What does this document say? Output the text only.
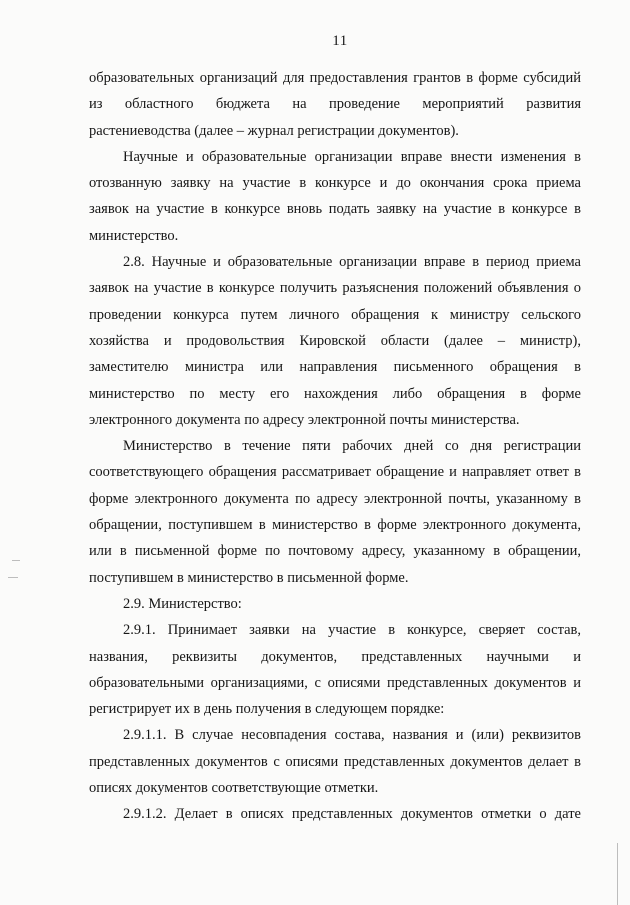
11

образовательных организаций для предоставления грантов в форме субсидий
из областного бюджета на проведение мероприятий развития
растениеводства (далее – журнал регистрации документов).

Научные и образовательные организации вправе внести изменения в
отозванную заявку на участие в конкурсе и до окончания срока приема
заявок на участие в конкурсе вновь подать заявку на участие в конкурсе в
министерство.

2.8. Научные и образовательные организации вправе в период приема
заявок на участие в конкурсе получить разъяснения положений объявления о
проведении конкурса путем личного обращения к министру сельского
хозяйства и продовольствия Кировской области (далее – министр),
заместителю министра или направления письменного обращения в
министерство по месту его нахождения либо обращения в форме
электронного документа по адресу электронной почты министерства.

Министерство в течение пяти рабочих дней со дня регистрации
соответствующего обращения рассматривает обращение и направляет ответ в
форме электронного документа по адресу электронной почты, указанному в
обращении, поступившем в министерство в форме электронного документа,
или в письменной форме по почтовому адресу, указанному в обращении,
поступившем в министерство в письменной форме.

2.9. Министерство:

2.9.1. Принимает заявки на участие в конкурсе, сверяет состав,
названия, реквизиты документов, представленных научными и
образовательными организациями, с описями представленных документов и
регистрирует их в день получения в следующем порядке:

2.9.1.1. В случае несовпадения состава, названия и (или) реквизитов
представленных документов с описями представленных документов делает в
описях документов соответствующие отметки.

2.9.1.2. Делает в описях представленных документов отметки о дате
